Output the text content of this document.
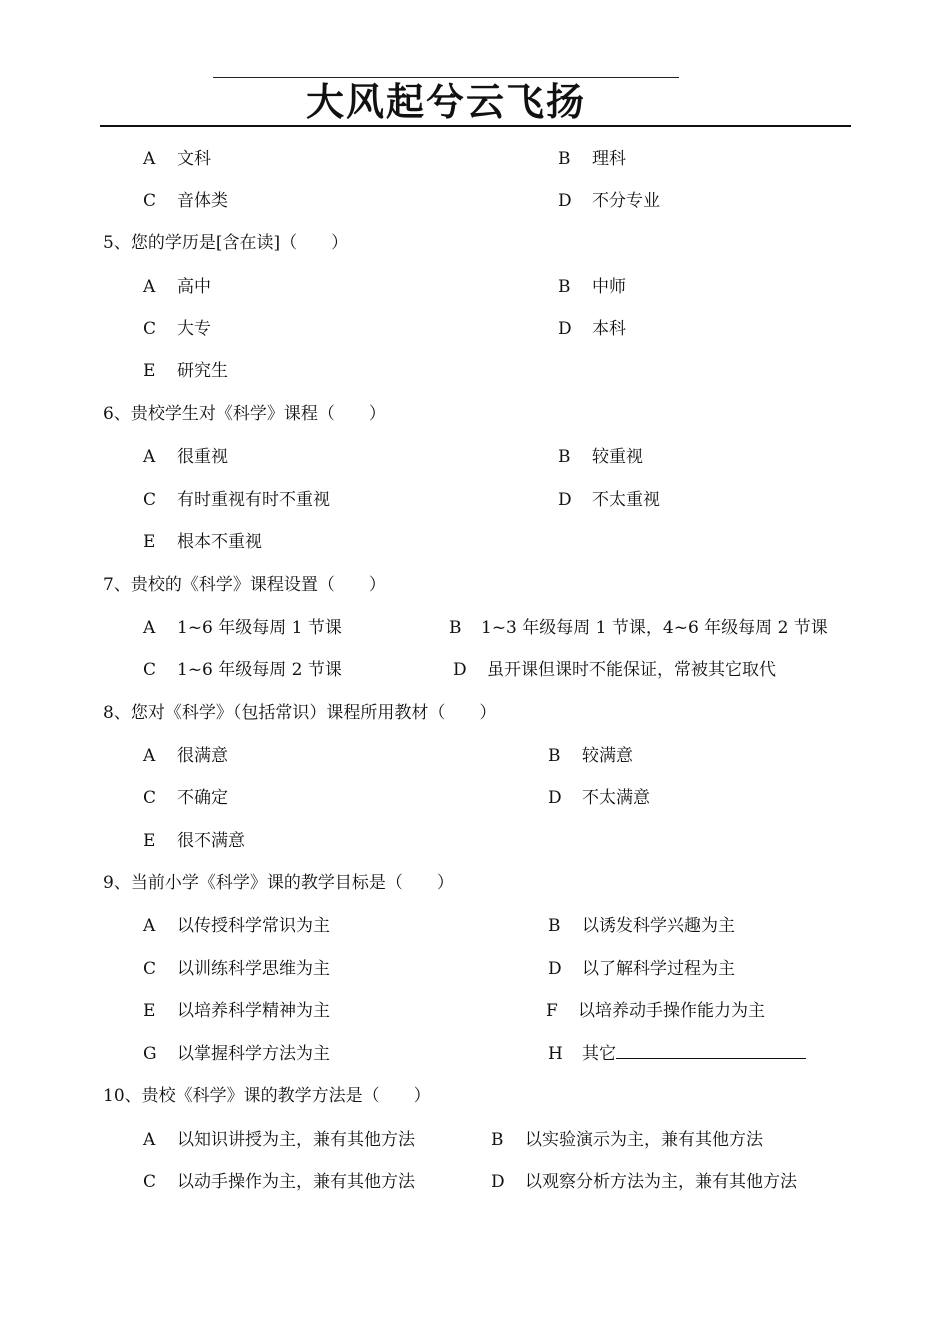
大风起兮云飞扬
A 文科	B 理科
C 音体类	D 不分专业
5、您的学历是[含在读]（　　）
A 高中	B 中师
C 大专	D 本科
E 研究生
6、贵校学生对《科学》课程（　　）
A 很重视	B 较重视
C 有时重视有时不重视	D 不太重视
E 根本不重视
7、贵校的《科学》课程设置（　　）
A 1~6 年级每周 1 节课	B 1~3 年级每周 1 节课，4~6 年级每周 2 节课
C 1~6 年级每周 2 节课	D 虽开课但课时不能保证，常被其它取代
8、您对《科学》（包括常识）课程所用教材（　　）
A 很满意	B 较满意
C 不确定	D 不太满意
E 很不满意
9、当前小学《科学》课的教学目标是（　　）
A 以传授科学常识为主	B 以诱发科学兴趣为主
C 以训练科学思维为主	D 以了解科学过程为主
E 以培养科学精神为主	F 以培养动手操作能力为主
G 以掌握科学方法为主	H 其它
10、贵校《科学》课的教学方法是（　　）
A 以知识讲授为主，兼有其他方法	B 以实验演示为主，兼有其他方法
C 以动手操作为主，兼有其他方法	D 以观察分析方法为主，兼有其他方法
